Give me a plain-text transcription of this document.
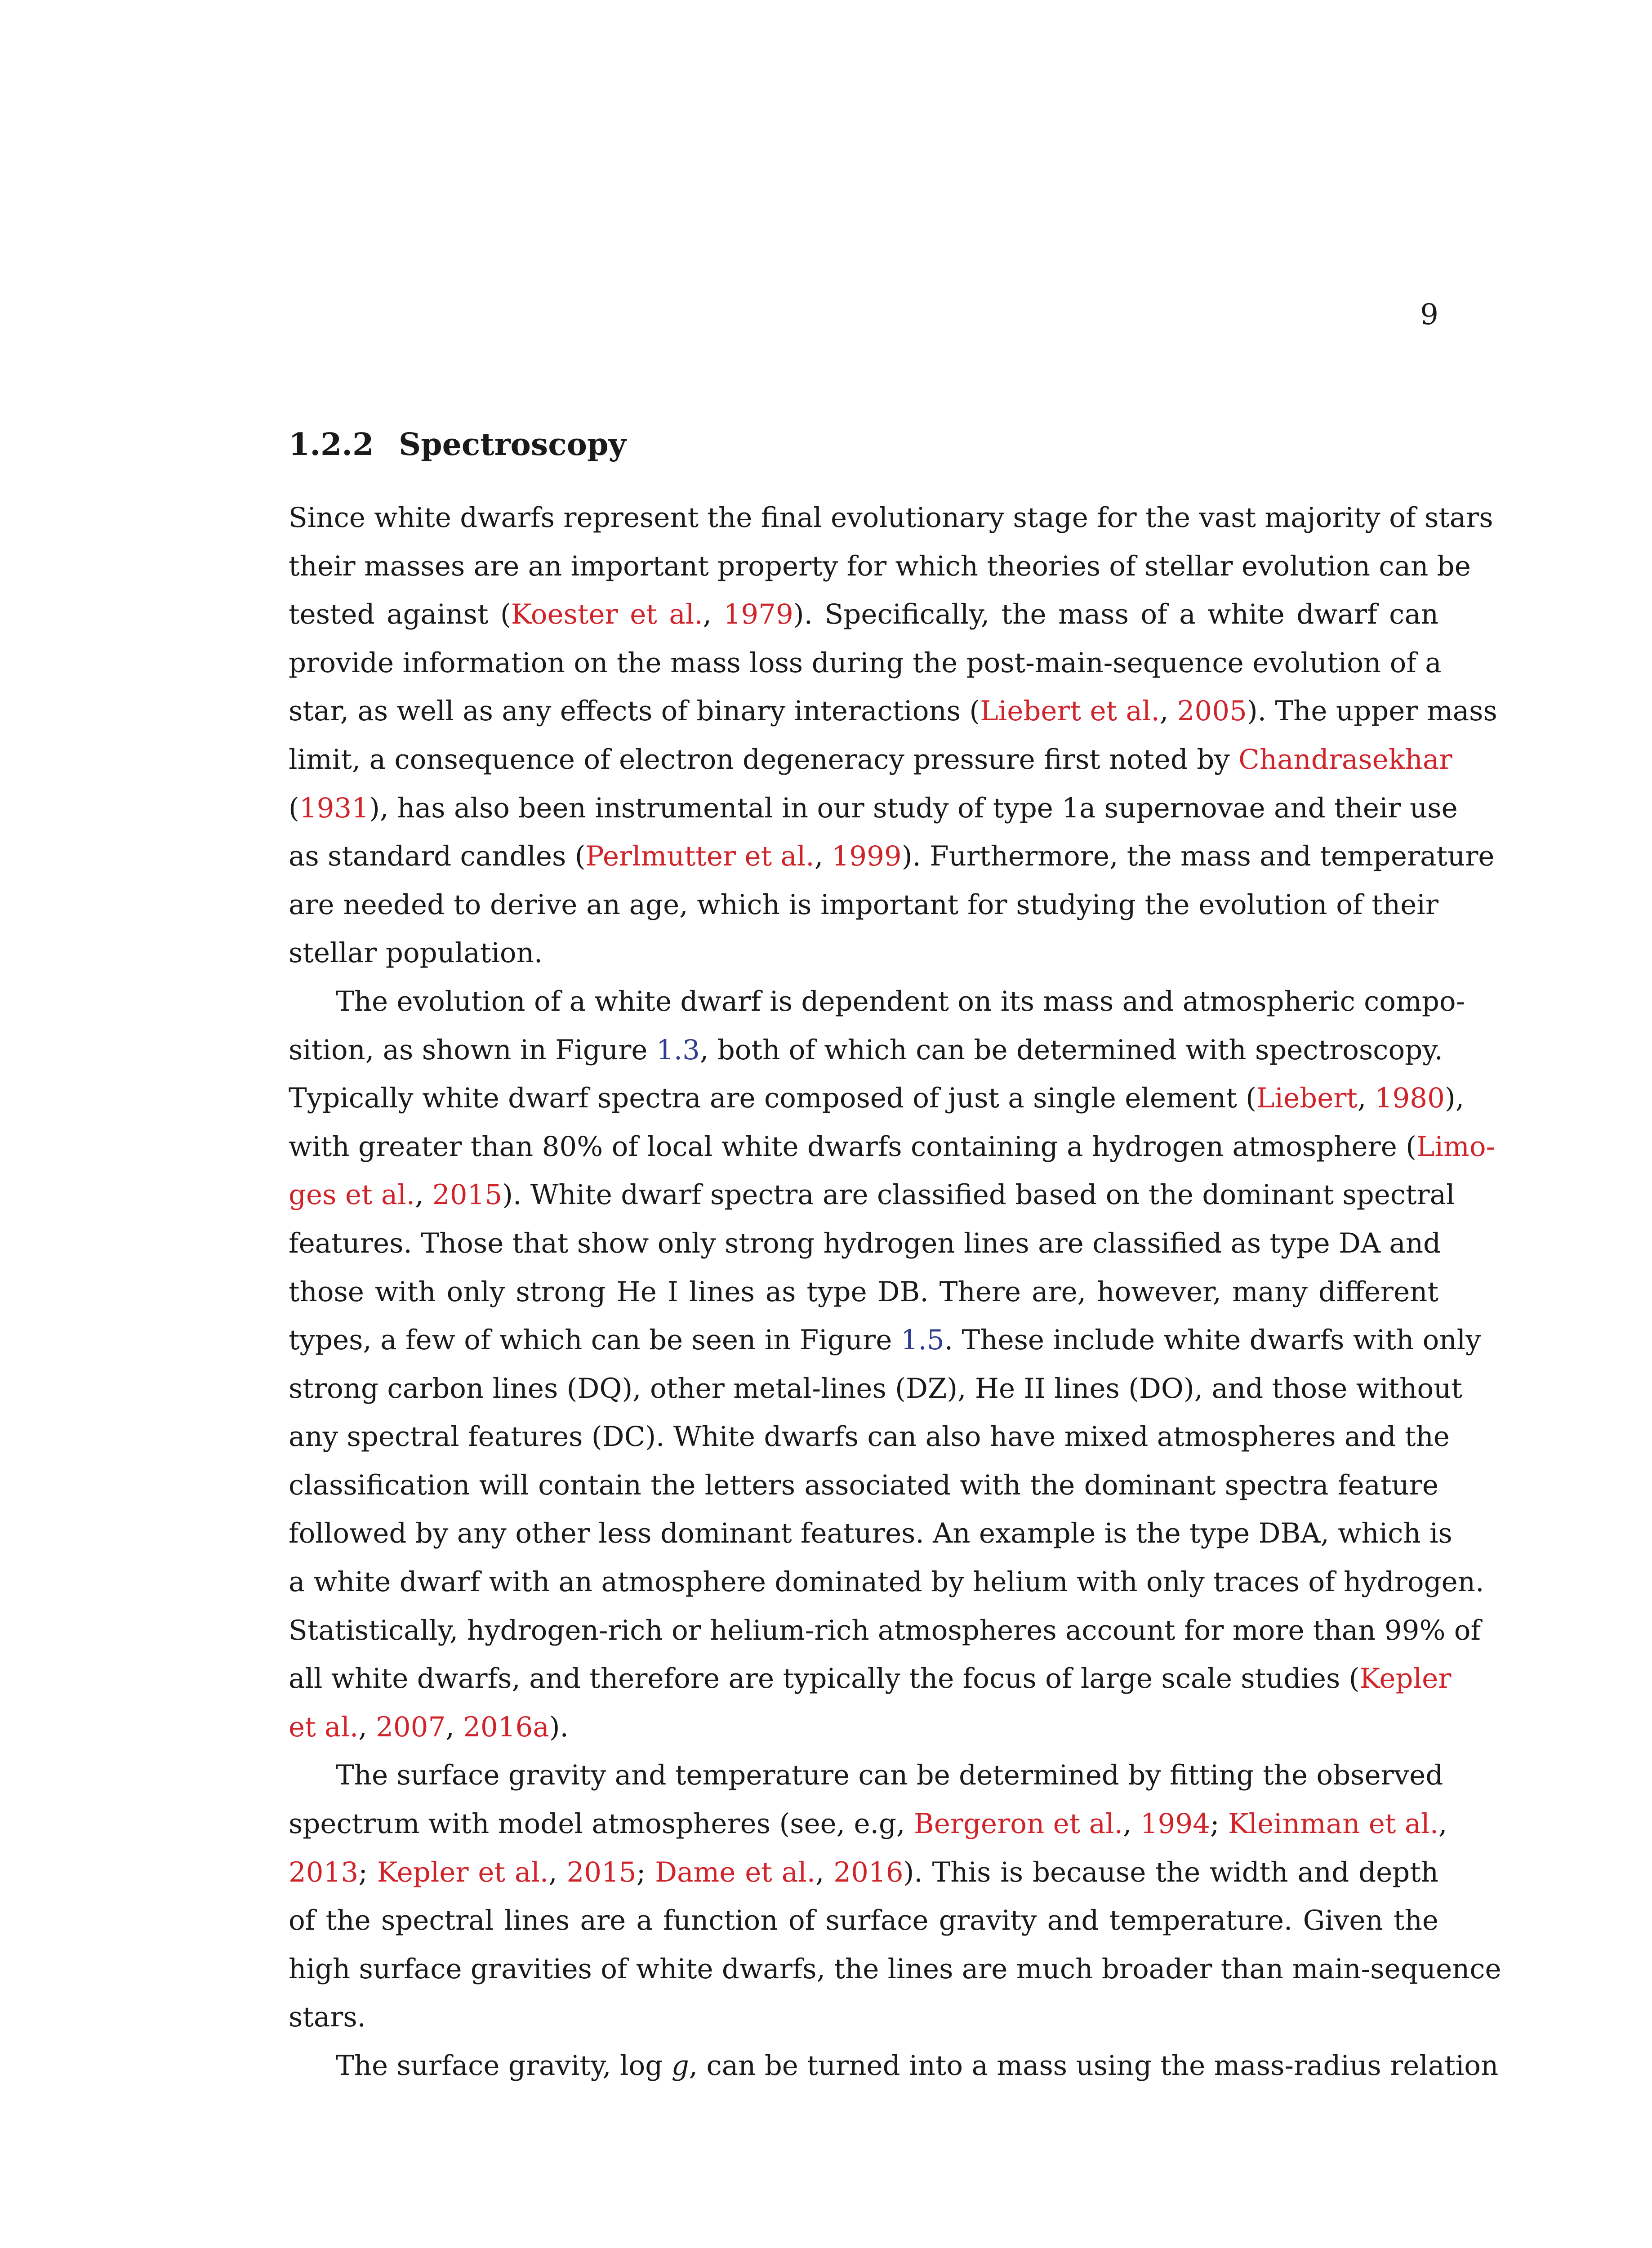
9
1.2.2 Spectroscopy
Since white dwarfs represent the final evolutionary stage for the vast majority of stars
their masses are an important property for which theories of stellar evolution can be
tested against (Koester et al., 1979). Specifically, the mass of a white dwarf can
provide information on the mass loss during the post-main-sequence evolution of a
star, as well as any effects of binary interactions (Liebert et al., 2005). The upper mass
limit, a consequence of electron degeneracy pressure first noted by Chandrasekhar
(1931), has also been instrumental in our study of type 1a supernovae and their use
as standard candles (Perlmutter et al., 1999). Furthermore, the mass and temperature
are needed to derive an age, which is important for studying the evolution of their
stellar population.
The evolution of a white dwarf is dependent on its mass and atmospheric compo-
sition, as shown in Figure 1.3, both of which can be determined with spectroscopy.
Typically white dwarf spectra are composed of just a single element (Liebert, 1980),
with greater than 80% of local white dwarfs containing a hydrogen atmosphere (Limo-
ges et al., 2015). White dwarf spectra are classified based on the dominant spectral
features. Those that show only strong hydrogen lines are classified as type DA and
those with only strong He I lines as type DB. There are, however, many different
types, a few of which can be seen in Figure 1.5. These include white dwarfs with only
strong carbon lines (DQ), other metal-lines (DZ), He II lines (DO), and those without
any spectral features (DC). White dwarfs can also have mixed atmospheres and the
classification will contain the letters associated with the dominant spectra feature
followed by any other less dominant features. An example is the type DBA, which is
a white dwarf with an atmosphere dominated by helium with only traces of hydrogen.
Statistically, hydrogen-rich or helium-rich atmospheres account for more than 99% of
all white dwarfs, and therefore are typically the focus of large scale studies (Kepler
et al., 2007, 2016a).
The surface gravity and temperature can be determined by fitting the observed
spectrum with model atmospheres (see, e.g, Bergeron et al., 1994; Kleinman et al.,
2013; Kepler et al., 2015; Dame et al., 2016). This is because the width and depth
of the spectral lines are a function of surface gravity and temperature. Given the
high surface gravities of white dwarfs, the lines are much broader than main-sequence
stars.
The surface gravity, log g, can be turned into a mass using the mass-radius relation
